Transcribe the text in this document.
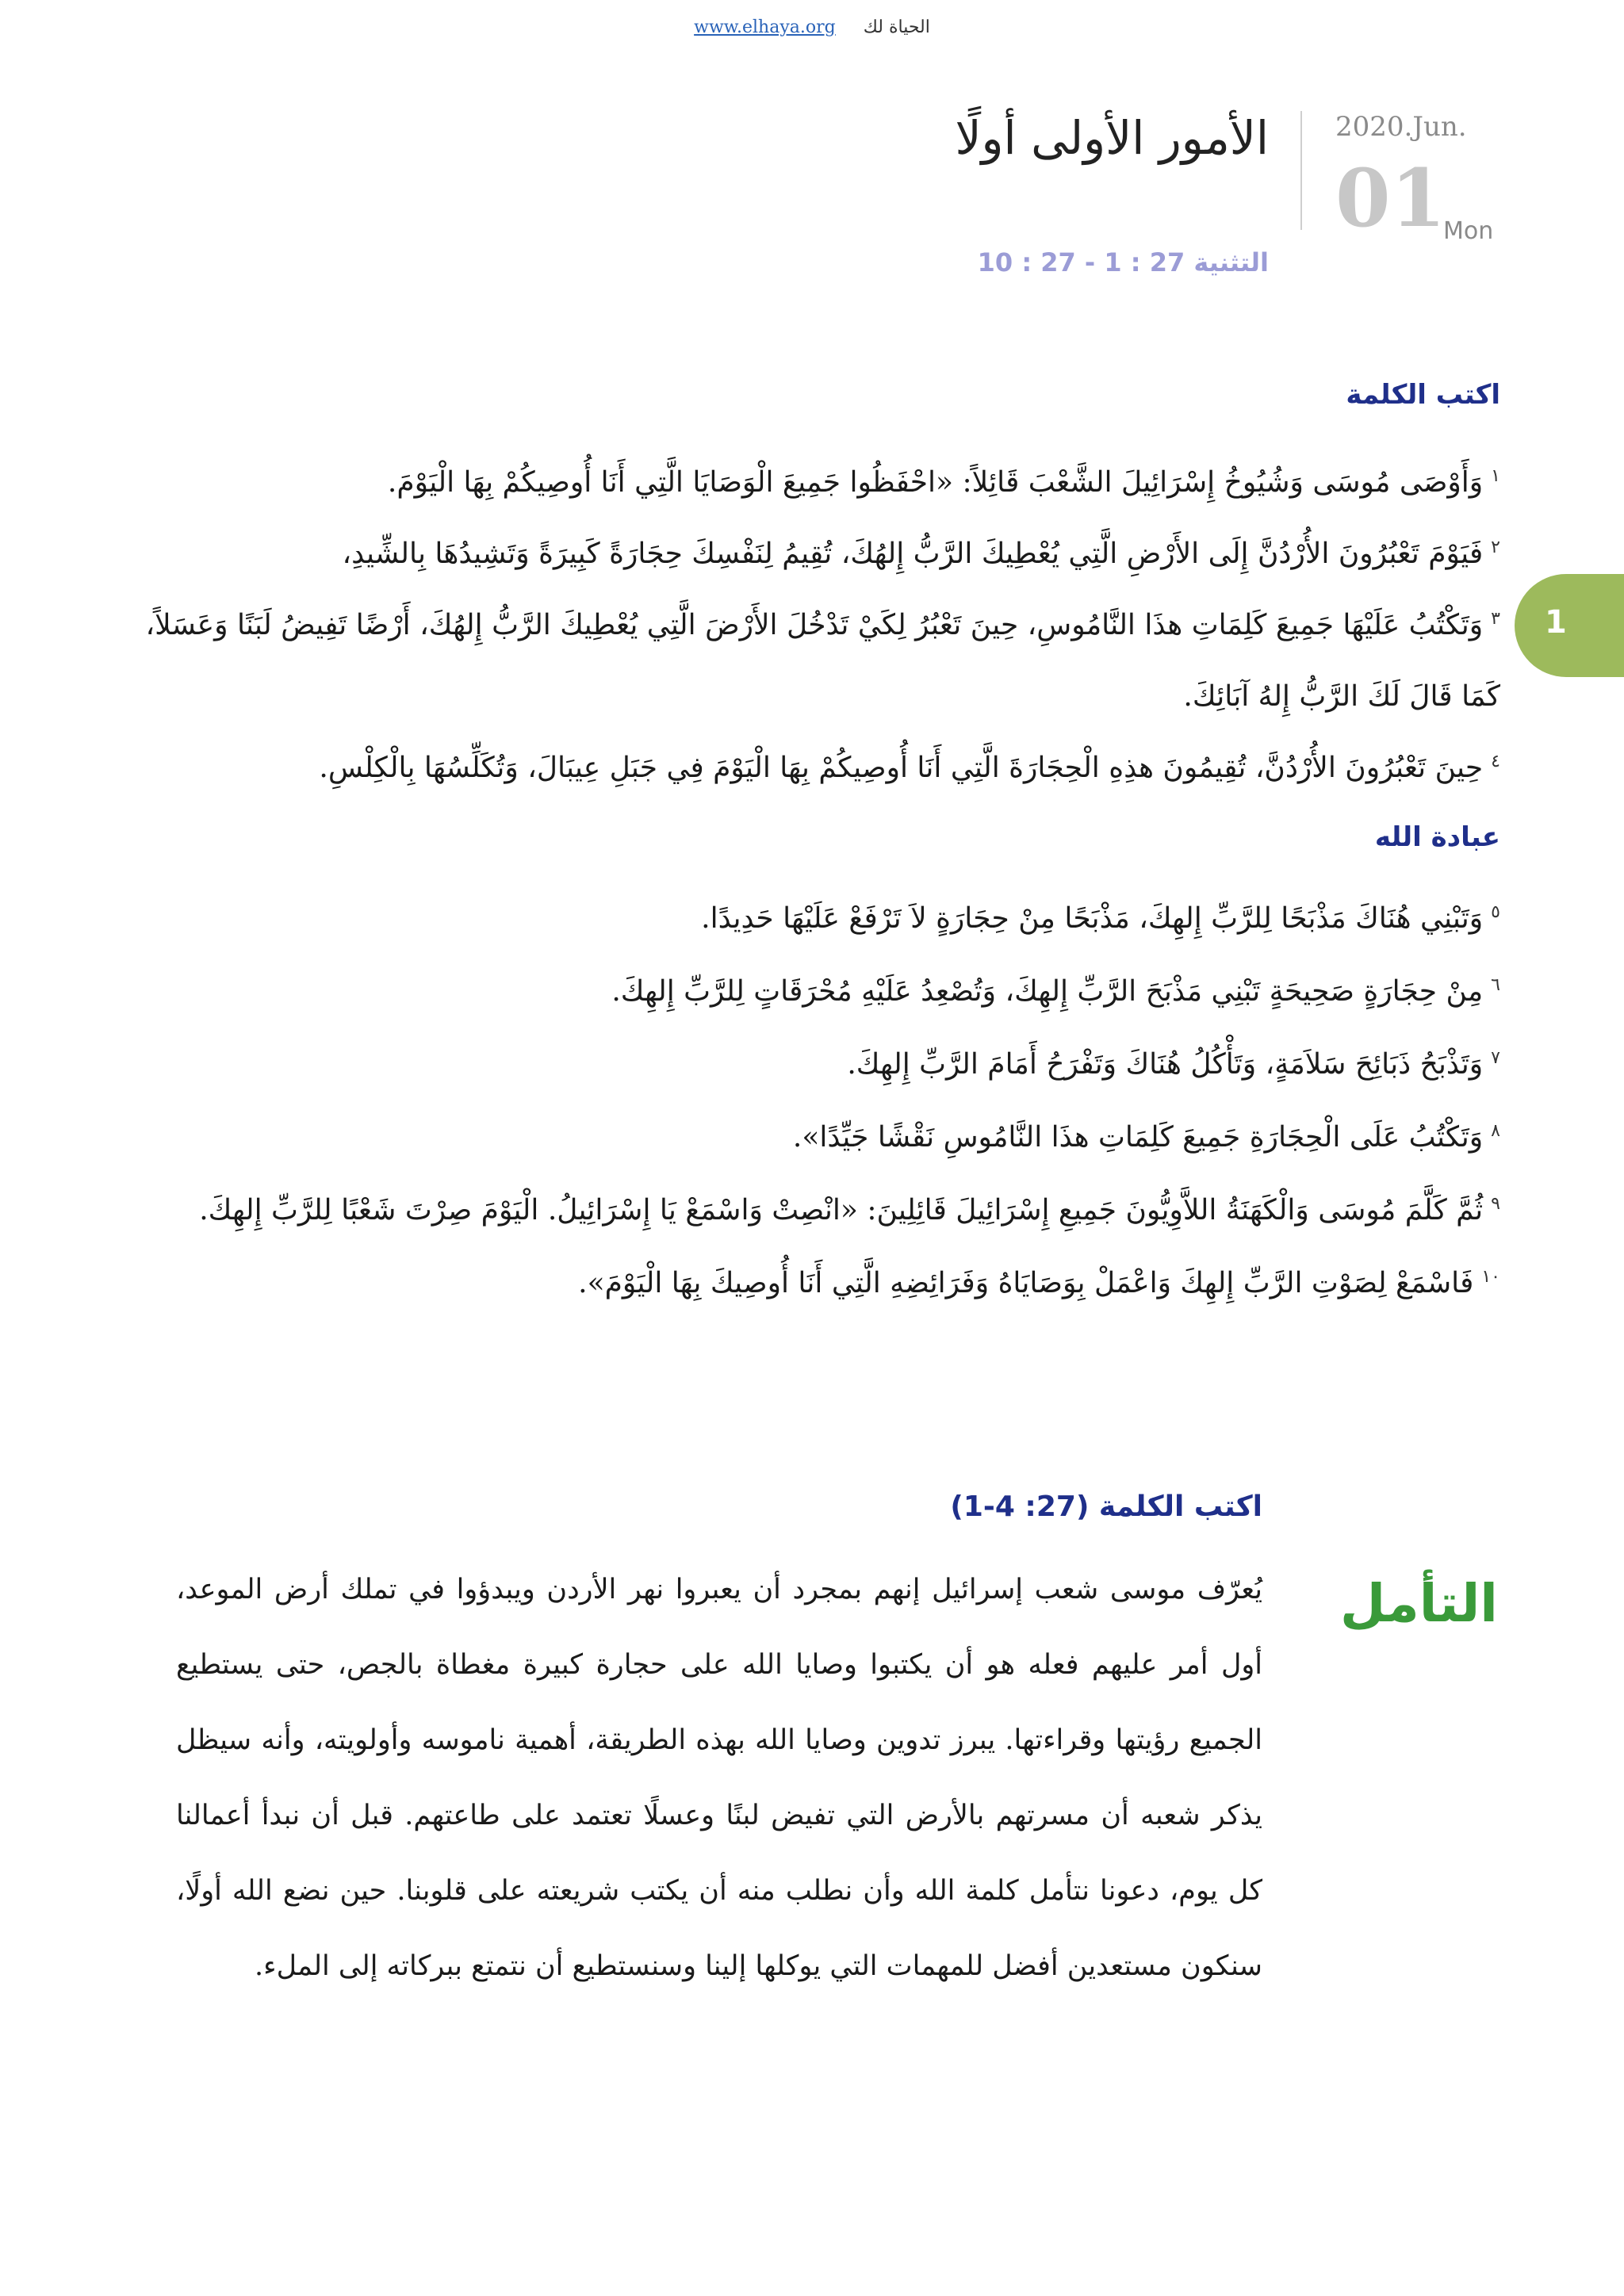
www.elhaya.org الحياة لك
2020.Jun.
01
Mon
الأمور الأولى أولًا
التثنية 27 : 1 - 27 : 10
1
اكتب الكلمة
$^١$وَأَوْصَى مُوسَى وَشُيُوخُ إِسْرَائِيلَ الشَّعْبَ قَائِلاً: «احْفَظُوا جَمِيعَ الْوَصَايَا الَّتِي أَنَا أُوصِيكُمْ بِهَا الْيَوْمَ.
$^٢$فَيَوْمَ تَعْبُرُونَ الأُرْدُنَّ إِلَى الأَرْضِ الَّتِي يُعْطِيكَ الرَّبُّ إِلهُكَ، تُقِيمُ لِنَفْسِكَ حِجَارَةً كَبِيرَةً وَتَشِيدُهَا بِالشِّيدِ،
$^٣$وَتَكْتُبُ عَلَيْهَا جَمِيعَ كَلِمَاتِ هذَا النَّامُوسِ، حِينَ تَعْبُرُ لِكَيْ تَدْخُلَ الأَرْضَ الَّتِي يُعْطِيكَ الرَّبُّ إِلهُكَ، أَرْضًا تَفِيضُ لَبَنًا وَعَسَلاً، كَمَا قَالَ لَكَ الرَّبُّ إِلهُ آبَائِكَ.
$^٤$حِينَ تَعْبُرُونَ الأُرْدُنَّ، تُقِيمُونَ هذِهِ الْحِجَارَةَ الَّتِي أَنَا أُوصِيكُمْ بِهَا الْيَوْمَ فِي جَبَلِ عِيبَالَ، وَتُكَلِّسُهَا بِالْكِلْسِ.
عبادة الله
$^٥$وَتَبْنِي هُنَاكَ مَذْبَحًا لِلرَّبِّ إِلهِكَ، مَذْبَحًا مِنْ حِجَارَةٍ لاَ تَرْفَعْ عَلَيْهَا حَدِيدًا.
$^٦$مِنْ حِجَارَةٍ صَحِيحَةٍ تَبْنِي مَذْبَحَ الرَّبِّ إِلهِكَ، وَتُصْعِدُ عَلَيْهِ مُحْرَقَاتٍ لِلرَّبِّ إِلهِكَ.
$^٧$وَتَذْبَحُ ذَبَائِحَ سَلاَمَةٍ، وَتَأْكُلُ هُنَاكَ وَتَفْرَحُ أَمَامَ الرَّبِّ إِلهِكَ.
$^٨$وَتَكْتُبُ عَلَى الْحِجَارَةِ جَمِيعَ كَلِمَاتِ هذَا النَّامُوسِ نَقْشًا جَيِّدًا».
$^٩$ثُمَّ كَلَّمَ مُوسَى وَالْكَهَنَةُ اللاَّوِيُّونَ جَمِيعِ إِسْرَائِيلَ قَائِلِينَ: «انْصِتْ وَاسْمَعْ يَا إِسْرَائِيلُ. الْيَوْمَ صِرْتَ شَعْبًا لِلرَّبِّ إِلهِكَ.
$^{١٠}$فَاسْمَعْ لِصَوْتِ الرَّبِّ إِلهِكَ وَاعْمَلْ بِوَصَايَاهُ وَفَرَائِضِهِ الَّتِي أَنَا أُوصِيكَ بِهَا الْيَوْمَ».
اكتب الكلمة (27: 4-1)
التأمل
يُعرّف موسى شعب إسرائيل إنهم بمجرد أن يعبروا نهر الأردن ويبدؤوا في تملك أرض الموعد، أول أمر عليهم فعله هو أن يكتبوا وصايا الله على حجارة كبيرة مغطاة بالجص، حتى يستطيع الجميع رؤيتها وقراءتها. يبرز تدوين وصايا الله بهذه الطريقة، أهمية ناموسه وأولويته، وأنه سيظل يذكر شعبه أن مسرتهم بالأرض التي تفيض لبنًا وعسلًا تعتمد على طاعتهم. قبل أن نبدأ أعمالنا كل يوم، دعونا نتأمل كلمة الله وأن نطلب منه أن يكتب شريعته على قلوبنا. حين نضع الله أولًا، سنكون مستعدين أفضل للمهمات التي يوكلها إلينا وسنستطيع أن نتمتع ببركاته إلى الملء.
